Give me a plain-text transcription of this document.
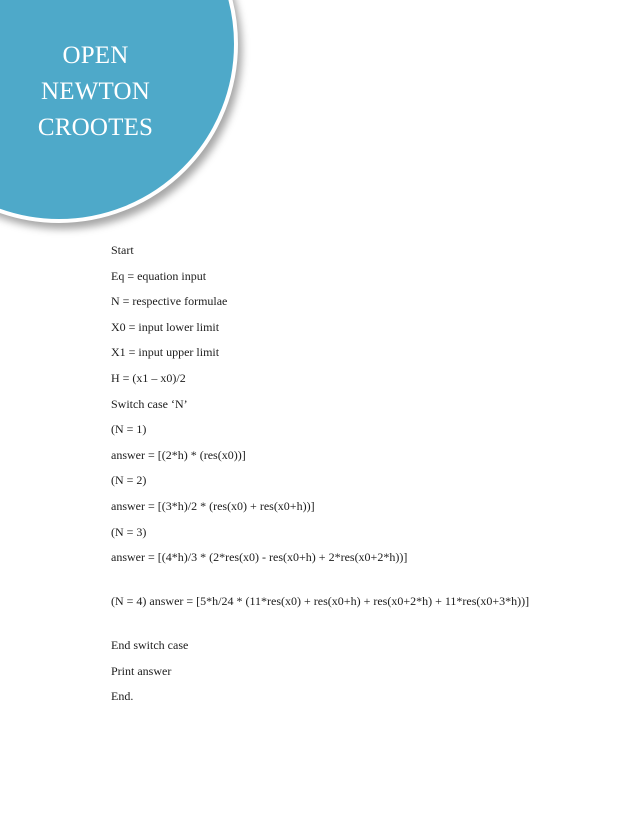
OPEN
NEWTON
CROOTES

Start

Eq = equation input

N = respective formulae

X0 = input lower limit

X1 = input upper limit

H = (x1 – x0)/2

Switch case ‘N’

(N = 1)

answer = [(2*h) * (res(x0))]

(N = 2)

answer = [(3*h)/2 * (res(x0) + res(x0+h))]

(N = 3)

answer = [(4*h)/3 * (2*res(x0) - res(x0+h) + 2*res(x0+2*h))]

(N = 4) answer = [5*h/24 * (11*res(x0) + res(x0+h) + res(x0+2*h) + 11*res(x0+3*h))]

End switch case

Print answer

End.
